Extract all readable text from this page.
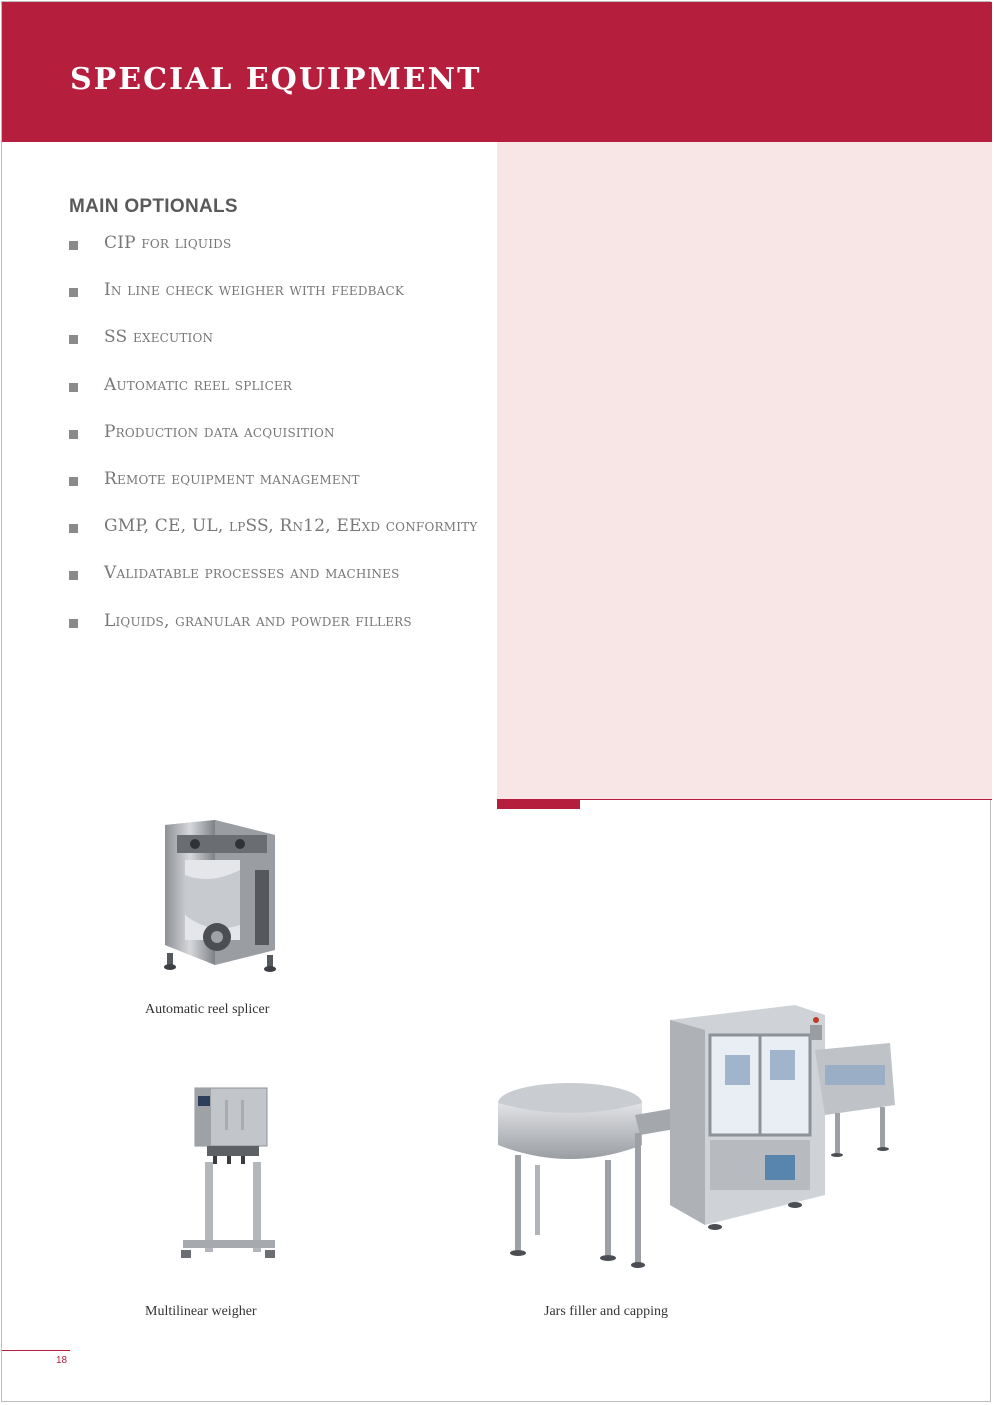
SPECIAL EQUIPMENT
MAIN OPTIONALS
CIP for liquids
In line check weigher with feedback
SS execution
Automatic reel splicer
Production data acquisition
Remote equipment management
GMP, CE, UL, lpSS, Rn12, EExd conformity
Validatable processes and machines
Liquids, granular and powder fillers

Automatic reel splicer

Multilinear weigher	Jars filler and capping

18
